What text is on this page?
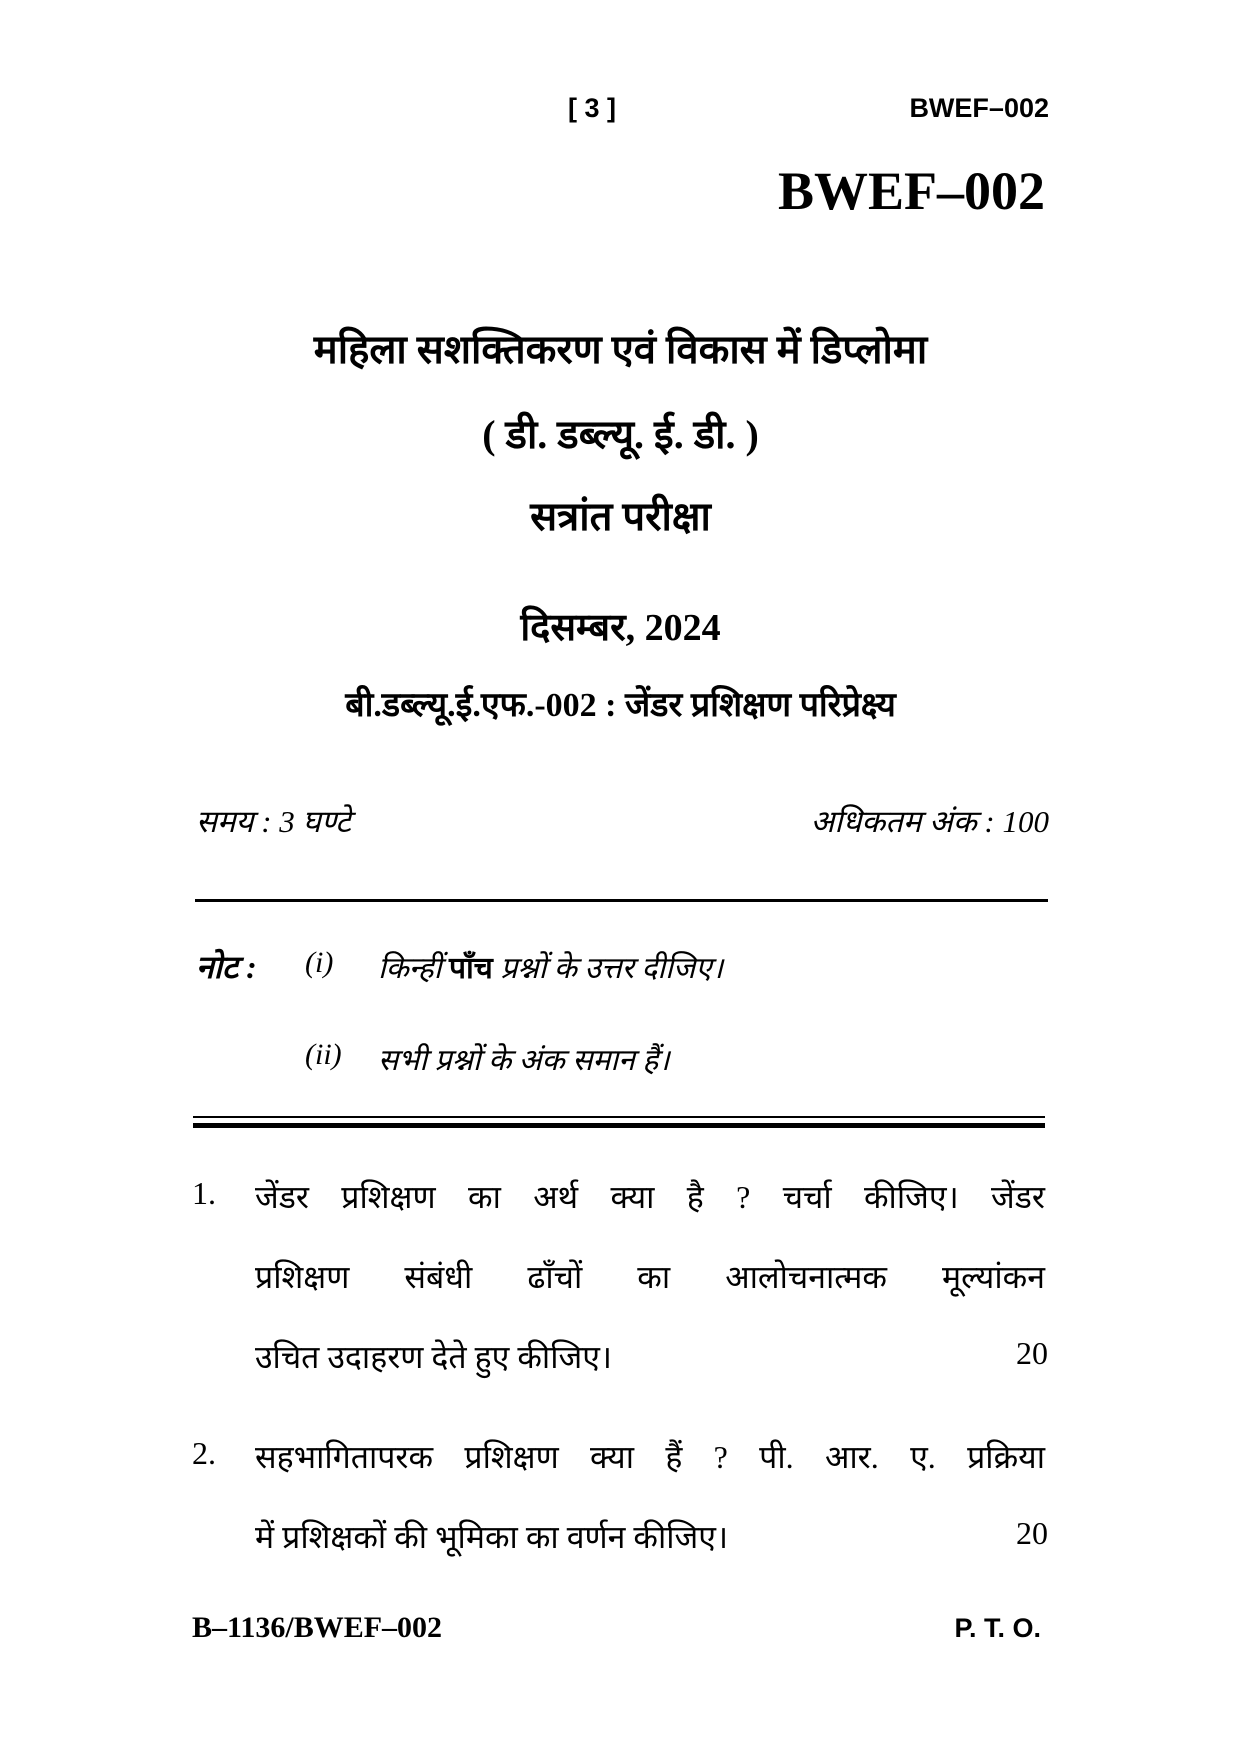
[ 3 ]	BWEF–002
BWEF–002
महिला सशक्तिकरण एवं विकास में डिप्लोमा
( डी. डब्ल्यू. ई. डी. )
सत्रांत परीक्षा
दिसम्बर, 2024
बी.डब्ल्यू.ई.एफ.-002 : जेंडर प्रशिक्षण परिप्रेक्ष्य
समय : 3 घण्टे	अधिकतम अंक : 100
नोट : (i) किन्हीं पाँच प्रश्नों के उत्तर दीजिए।
(ii) सभी प्रश्नों के अंक समान हैं।
1. जेंडर प्रशिक्षण का अर्थ क्या है ? चर्चा कीजिए। जेंडर
प्रशिक्षण संबंधी ढाँचों का आलोचनात्मक मूल्यांकन
उचित उदाहरण देते हुए कीजिए।	20
2. सहभागितापरक प्रशिक्षण क्या हैं ? पी. आर. ए. प्रक्रिया
में प्रशिक्षकों की भूमिका का वर्णन कीजिए।	20
B–1136/BWEF–002	P. T. O.
